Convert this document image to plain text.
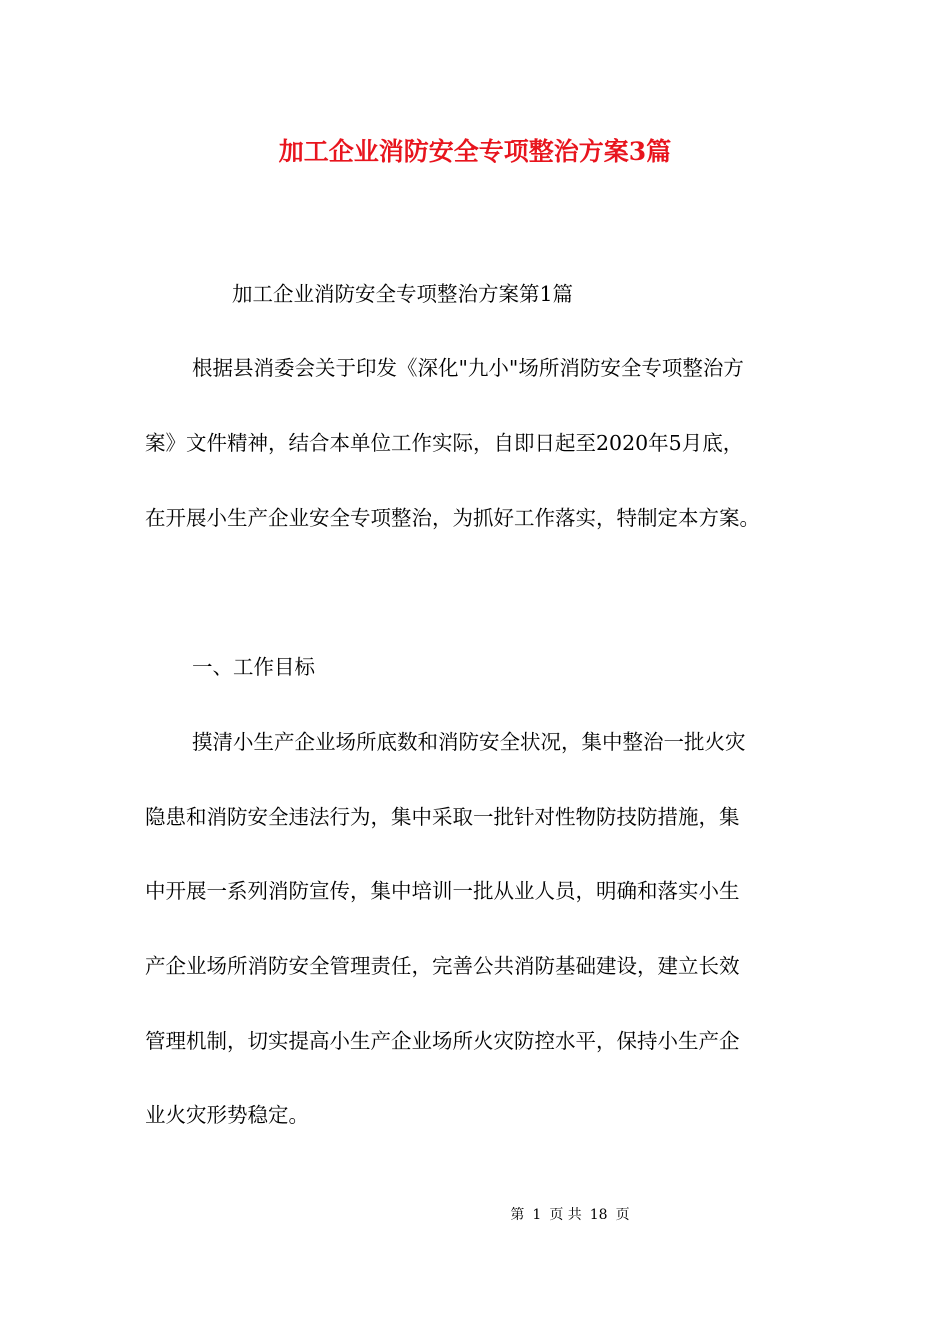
加工企业消防安全专项整治方案3篇

加工企业消防安全专项整治方案第1篇

根据县消委会关于印发《深化"九小"场所消防安全专项整治方

案》文件精神，结合本单位工作实际，自即日起至2020年5月底，

在开展小生产企业安全专项整治，为抓好工作落实，特制定本方案。

一、工作目标

摸清小生产企业场所底数和消防安全状况，集中整治一批火灾

隐患和消防安全违法行为，集中采取一批针对性物防技防措施，集

中开展一系列消防宣传，集中培训一批从业人员，明确和落实小生

产企业场所消防安全管理责任，完善公共消防基础建设，建立长效

管理机制，切实提高小生产企业场所火灾防控水平，保持小生产企

业火灾形势稳定。

第 1 页 共 18 页
